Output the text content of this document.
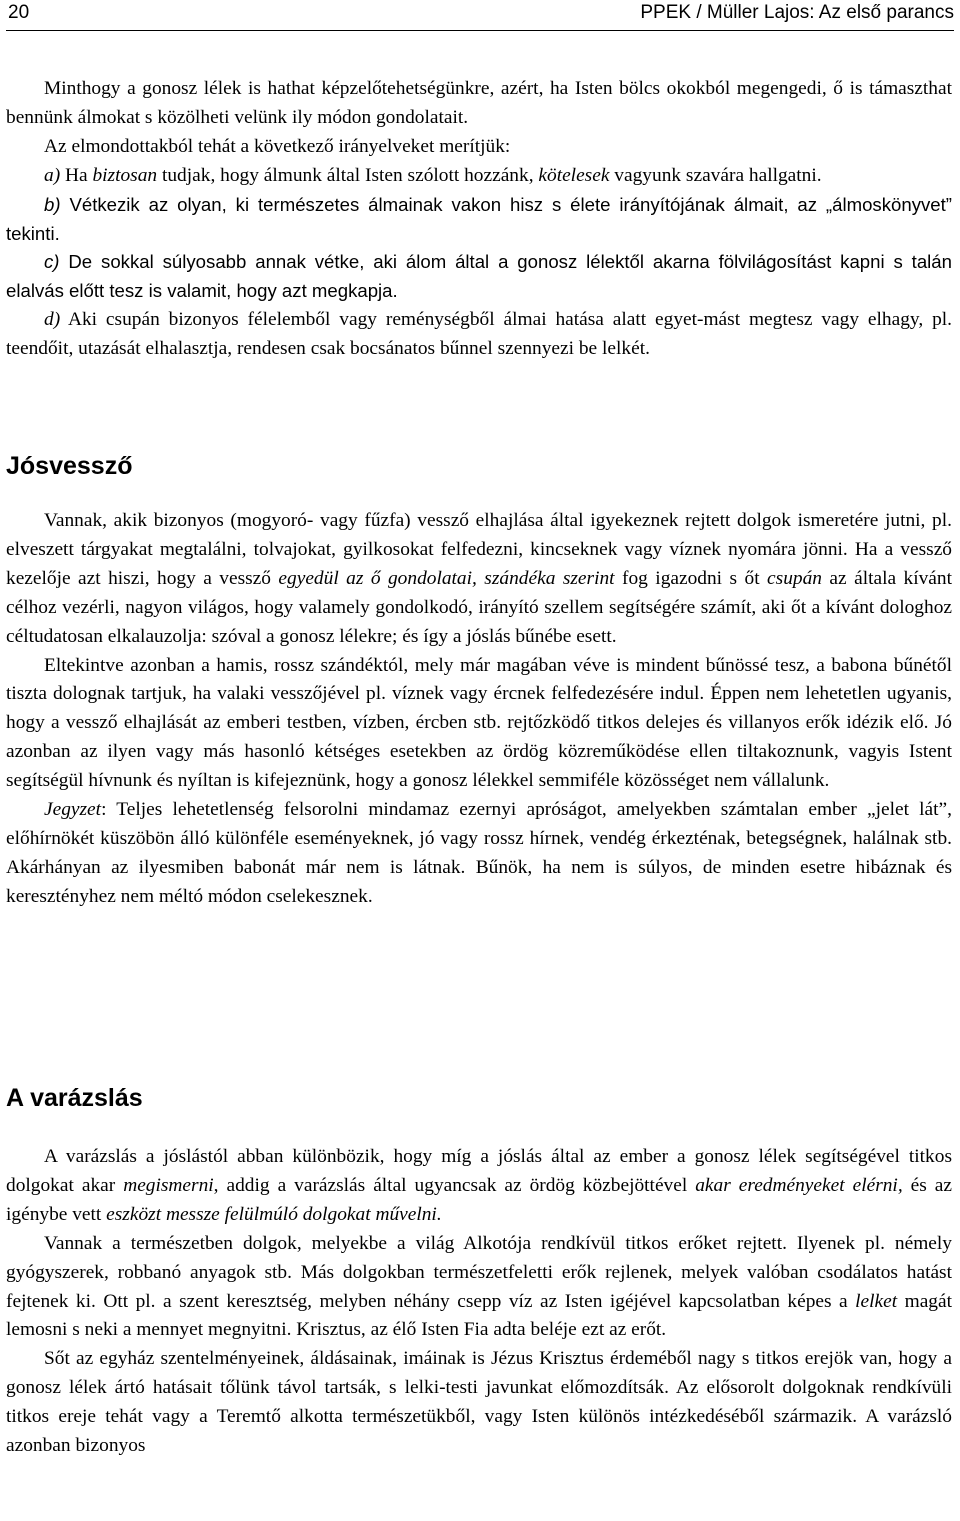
20	PPEK / Müller Lajos: Az első parancs

Minthogy a gonosz lélek is hathat képzelőtehetségünkre, azért, ha Isten bölcs okokból megengedi, ő is támaszthat bennünk álmokat s közölheti velünk ily módon gondolatait.

Az elmondottakból tehát a következő irányelveket merítjük:

a) Ha biztosan tudjak, hogy álmunk által Isten szólott hozzánk, kötelesek vagyunk szavára hallgatni.

b) Vétkezik az olyan, ki természetes álmainak vakon hisz s élete irányítójának álmait, az „álmoskönyvet” tekinti.

c) De sokkal súlyosabb annak vétke, aki álom által a gonosz lélektől akarna fölvilágosítást kapni s talán elalvás előtt tesz is valamit, hogy azt megkapja.

d) Aki csupán bizonyos félelemből vagy reménységből álmai hatása alatt egyet-mást megtesz vagy elhagy, pl. teendőit, utazását elhalasztja, rendesen csak bocsánatos bűnnel szennyezi be lelkét.

Jósvessző

Vannak, akik bizonyos (mogyoró- vagy fűzfa) vessző elhajlása által igyekeznek rejtett dolgok ismeretére jutni, pl. elveszett tárgyakat megtalálni, tolvajokat, gyilkosokat felfedezni, kincseknek vagy víznek nyomára jönni. Ha a vessző kezelője azt hiszi, hogy a vessző egyedül az ő gondolatai, szándéka szerint fog igazodni s őt csupán az általa kívánt célhoz vezérli, nagyon világos, hogy valamely gondolkodó, irányító szellem segítségére számít, aki őt a kívánt dologhoz céltudatosan elkalauzolja: szóval a gonosz lélekre; és így a jóslás bűnébe esett.

Eltekintve azonban a hamis, rossz szándéktól, mely már magában véve is mindent bűnössé tesz, a babona bűnétől tiszta dolognak tartjuk, ha valaki vesszőjével pl. víznek vagy ércnek felfedezésére indul. Éppen nem lehetetlen ugyanis, hogy a vessző elhajlását az emberi testben, vízben, ércben stb. rejtőzködő titkos delejes és villanyos erők idézik elő. Jó azonban az ilyen vagy más hasonló kétséges esetekben az ördög közreműködése ellen tiltakoznunk, vagyis Istent segítségül hívnunk és nyíltan is kifejeznünk, hogy a gonosz lélekkel semmiféle közösséget nem vállalunk.

Jegyzet: Teljes lehetetlenség felsorolni mindamaz ezernyi apróságot, amelyekben számtalan ember „jelet lát”, előhírnökét küszöbön álló különféle eseményeknek, jó vagy rossz hírnek, vendég érkezténak, betegségnek, halálnak stb. Akárhányan az ilyesmiben babonát már nem is látnak. Bűnök, ha nem is súlyos, de minden esetre hibáznak és keresztényhez nem méltó módon cselekesznek.

A varázslás

A varázslás a jóslástól abban különbözik, hogy míg a jóslás által az ember a gonosz lélek segítségével titkos dolgokat akar megismerni, addig a varázslás által ugyancsak az ördög közbejöttével akar eredményeket elérni, és az igénybe vett eszközt messze felülmúló dolgokat művelni.

Vannak a természetben dolgok, melyekbe a világ Alkotója rendkívül titkos erőket rejtett. Ilyenek pl. némely gyógyszerek, robbanó anyagok stb. Más dolgokban természetfeletti erők rejlenek, melyek valóban csodálatos hatást fejtenek ki. Ott pl. a szent keresztség, melyben néhány csepp víz az Isten igéjével kapcsolatban képes a lelket magát lemosni s neki a mennyet megnyitni. Krisztus, az élő Isten Fia adta beléje ezt az erőt.

Sőt az egyház szentelményeinek, áldásainak, imáinak is Jézus Krisztus érdeméből nagy s titkos erejök van, hogy a gonosz lélek ártó hatásait tőlünk távol tartsák, s lelki-testi javunkat előmozdítsák. Az elősorolt dolgoknak rendkívüli titkos ereje tehát vagy a Teremtő alkotta természetükből, vagy Isten különös intézkedéséből származik. A varázsló azonban bizonyos
